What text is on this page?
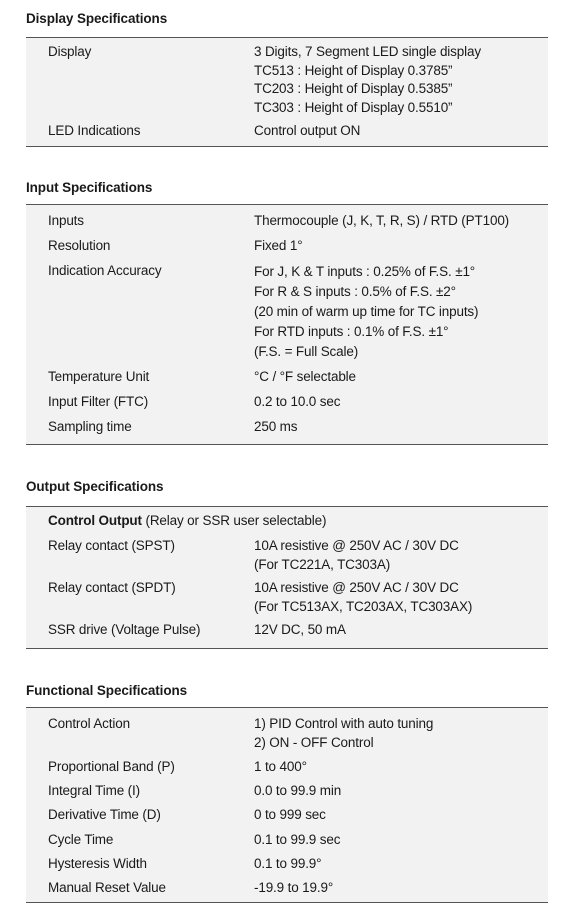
Display Specifications
Display	3 Digits, 7 Segment LED single display
TC513 : Height of Display 0.3785”
TC203 : Height of Display 0.5385”
TC303 : Height of Display 0.5510”
LED Indications	Control output ON
Input Specifications
Inputs	Thermocouple (J, K, T, R, S) / RTD (PT100)
Resolution	Fixed 1°
Indication Accuracy	For J, K & T inputs : 0.25% of F.S. ±1°
For R & S inputs : 0.5% of F.S. ±2°
(20 min of warm up time for TC inputs)
For RTD inputs : 0.1% of F.S. ±1°
(F.S. = Full Scale)
Temperature Unit	°C / °F selectable
Input Filter (FTC)	0.2 to 10.0 sec
Sampling time	250 ms
Output Specifications
Control Output (Relay or SSR user selectable)
Relay contact (SPST)	10A resistive @ 250V AC / 30V DC
(For TC221A, TC303A)
Relay contact (SPDT)	10A resistive @ 250V AC / 30V DC
(For TC513AX, TC203AX, TC303AX)
SSR drive (Voltage Pulse)	12V DC, 50 mA
Functional Specifications
Control Action	1) PID Control with auto tuning
2) ON - OFF Control
Proportional Band (P)	1 to 400°
Integral Time (I)	0.0 to 99.9 min
Derivative Time (D)	0 to 999 sec
Cycle Time	0.1 to 99.9 sec
Hysteresis Width	0.1 to 99.9°
Manual Reset Value	-19.9 to 19.9°
